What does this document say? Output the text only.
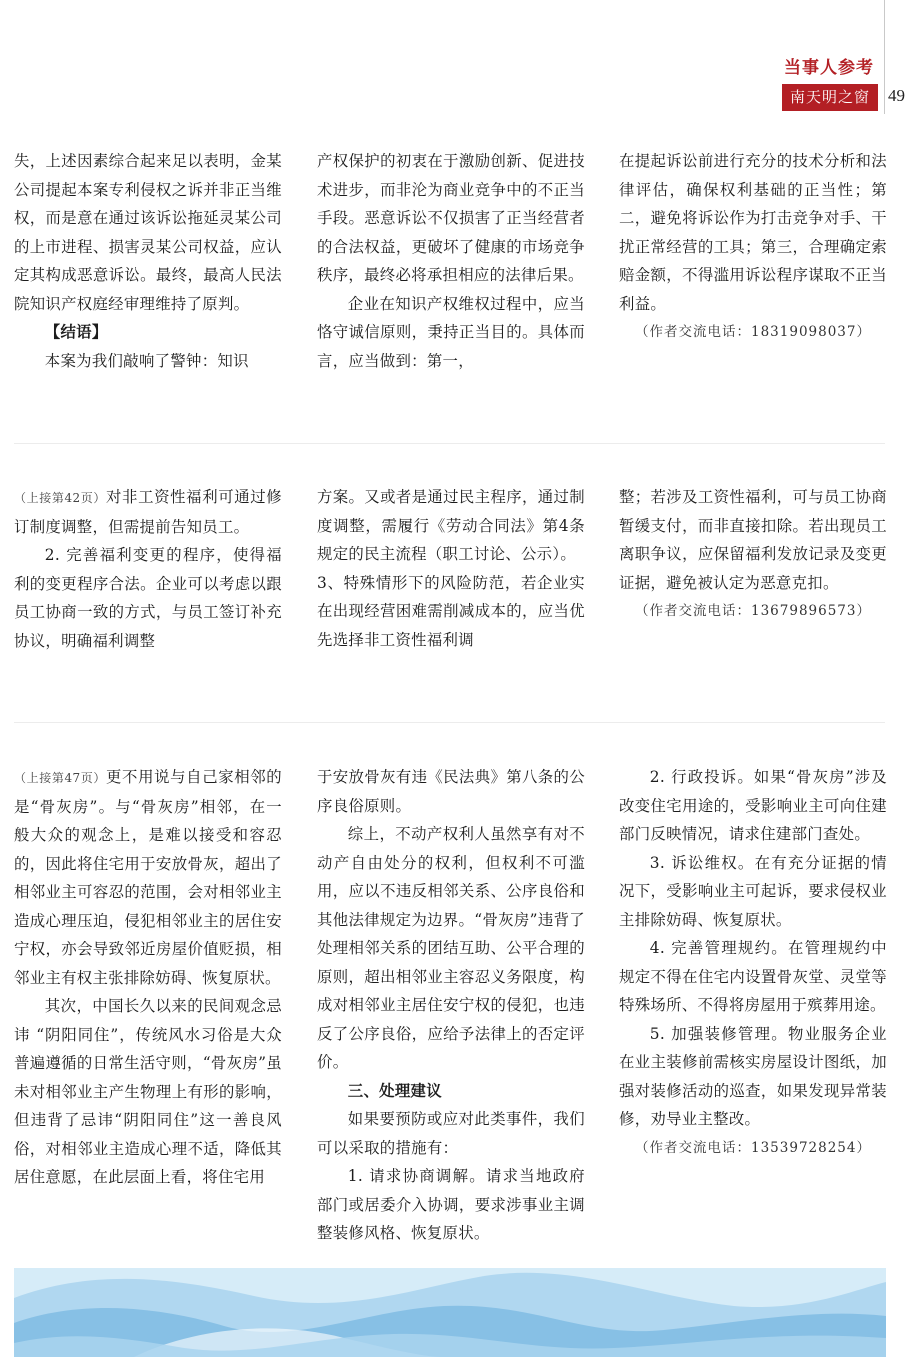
当事人参考
南天明之窗	49

失，上述因素综合起来足以表明，金某公司提起本案专利侵权之诉并非正当维权，而是意在通过该诉讼拖延灵某公司的上市进程、损害灵某公司权益，应认定其构成恶意诉讼。最终，最高人民法院知识产权庭经审理维持了原判。

【结语】

本案为我们敲响了警钟：知识

产权保护的初衷在于激励创新、促进技术进步，而非沦为商业竞争中的不正当手段。恶意诉讼不仅损害了正当经营者的合法权益，更破坏了健康的市场竞争秩序，最终必将承担相应的法律后果。

企业在知识产权维权过程中，应当恪守诚信原则，秉持正当目的。具体而言，应当做到：第一，

在提起诉讼前进行充分的技术分析和法律评估，确保权利基础的正当性；第二，避免将诉讼作为打击竞争对手、干扰正常经营的工具；第三，合理确定索赔金额，不得滥用诉讼程序谋取不正当利益。

（作者交流电话：18319098037）

（上接第42页）对非工资性福利可通过修订制度调整，但需提前告知员工。

2. 完善福利变更的程序，使得福利的变更程序合法。企业可以考虑以跟员工协商一致的方式，与员工签订补充协议，明确福利调整

方案。又或者是通过民主程序，通过制度调整，需履行《劳动合同法》第4条规定的民主流程（职工讨论、公示）。

3、特殊情形下的风险防范，若企业实在出现经营困难需削减成本的，应当优先选择非工资性福利调

整；若涉及工资性福利，可与员工协商暂缓支付，而非直接扣除。若出现员工离职争议，应保留福利发放记录及变更证据，避免被认定为恶意克扣。

（作者交流电话：13679896573）

（上接第47页）更不用说与自己家相邻的是“骨灰房”。与“骨灰房”相邻，在一般大众的观念上，是难以接受和容忍的，因此将住宅用于安放骨灰，超出了相邻业主可容忍的范围，会对相邻业主造成心理压迫，侵犯相邻业主的居住安宁权，亦会导致邻近房屋价值贬损，相邻业主有权主张排除妨碍、恢复原状。

其次，中国长久以来的民间观念忌讳 “阴阳同住”，传统风水习俗是大众普遍遵循的日常生活守则，“骨灰房”虽未对相邻业主产生物理上有形的影响，但违背了忌讳“阴阳同住”这一善良风俗，对相邻业主造成心理不适，降低其居住意愿，在此层面上看，将住宅用

于安放骨灰有违《民法典》第八条的公序良俗原则。

综上，不动产权利人虽然享有对不动产自由处分的权利，但权利不可滥用，应以不违反相邻关系、公序良俗和其他法律规定为边界。“骨灰房”违背了处理相邻关系的团结互助、公平合理的原则，超出相邻业主容忍义务限度，构成对相邻业主居住安宁权的侵犯，也违反了公序良俗，应给予法律上的否定评价。

三、处理建议

如果要预防或应对此类事件，我们可以采取的措施有：

1. 请求协商调解。请求当地政府部门或居委介入协调，要求涉事业主调整装修风格、恢复原状。

2. 行政投诉。如果“骨灰房”涉及改变住宅用途的，受影响业主可向住建部门反映情况，请求住建部门查处。

3. 诉讼维权。在有充分证据的情况下，受影响业主可起诉，要求侵权业主排除妨碍、恢复原状。

4. 完善管理规约。在管理规约中规定不得在住宅内设置骨灰堂、灵堂等特殊场所、不得将房屋用于殡葬用途。

5. 加强装修管理。物业服务企业在业主装修前需核实房屋设计图纸，加强对装修活动的巡查，如果发现异常装修，劝导业主整改。

（作者交流电话：13539728254）
